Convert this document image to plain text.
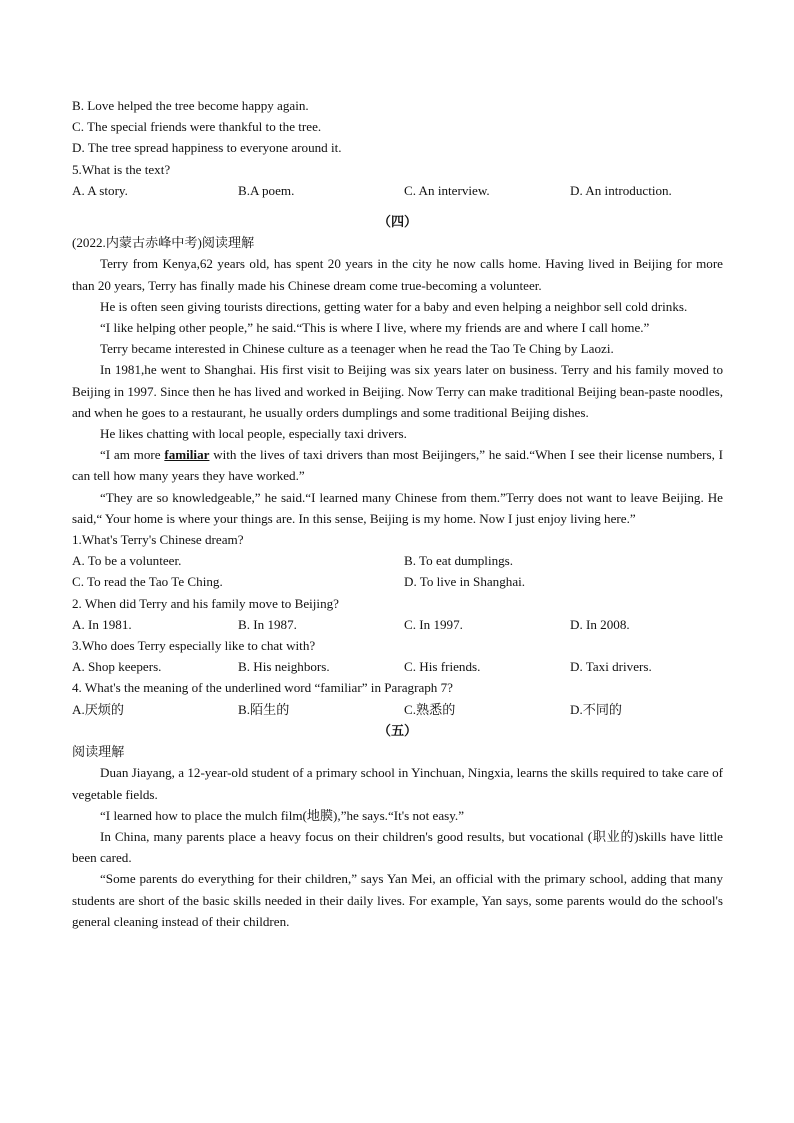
B. Love helped the tree become happy again.
C. The special friends were thankful to the tree.
D. The tree spread happiness to everyone around it.
5.What is the text?
A. A story.	B.A poem.	C. An interview.	D. An introduction.
（四）
(2022.内蒙古赤峰中考)阅读理解
Terry from Kenya,62 years old, has spent 20 years in the city he now calls home. Having lived in Beijing for more than 20 years, Terry has finally made his Chinese dream come true-becoming a volunteer.
He is often seen giving tourists directions, getting water for a baby and even helping a neighbor sell cold drinks.
“I like helping other people,” he said.“This is where I live, where my friends are and where I call home.”
Terry became interested in Chinese culture as a teenager when he read the Tao Te Ching by Laozi.
In 1981,he went to Shanghai. His first visit to Beijing was six years later on business. Terry and his family moved to Beijing in 1997. Since then he has lived and worked in Beijing. Now Terry can make traditional Beijing bean-paste noodles, and when he goes to a restaurant, he usually orders dumplings and some traditional Beijing dishes.
He likes chatting with local people, especially taxi drivers.
“I am more familiar with the lives of taxi drivers than most Beijingers,” he said.“When I see their license numbers, I can tell how many years they have worked.”
“They are so knowledgeable,” he said.“I learned many Chinese from them.”Terry does not want to leave Beijing. He said,“ Your home is where your things are. In this sense, Beijing is my home. Now I just enjoy living here.”
1.What's Terry's Chinese dream?
A. To be a volunteer.	B. To eat dumplings.
C. To read the Tao Te Ching.	D. To live in Shanghai.
2. When did Terry and his family move to Beijing?
A. In 1981.	B. In 1987.	C. In 1997.	D. In 2008.
3.Who does Terry especially like to chat with?
A. Shop keepers.	B. His neighbors.	C. His friends.	D. Taxi drivers.
4. What's the meaning of the underlined word “familiar” in Paragraph 7?
A.厌烦的	B.陌生的	C.熟悉的	D.不同的
（五）
阅读理解
Duan Jiayang, a 12-year-old student of a primary school in Yinchuan, Ningxia, learns the skills required to take care of vegetable fields.
“I learned how to place the mulch film(地膜),”he says.“It's not easy.”
In China, many parents place a heavy focus on their children's good results, but vocational (职业的)skills have little been cared.
“Some parents do everything for their children,” says Yan Mei, an official with the primary school, adding that many students are short of the basic skills needed in their daily lives. For example, Yan says, some parents would do the school's general cleaning instead of their children.
